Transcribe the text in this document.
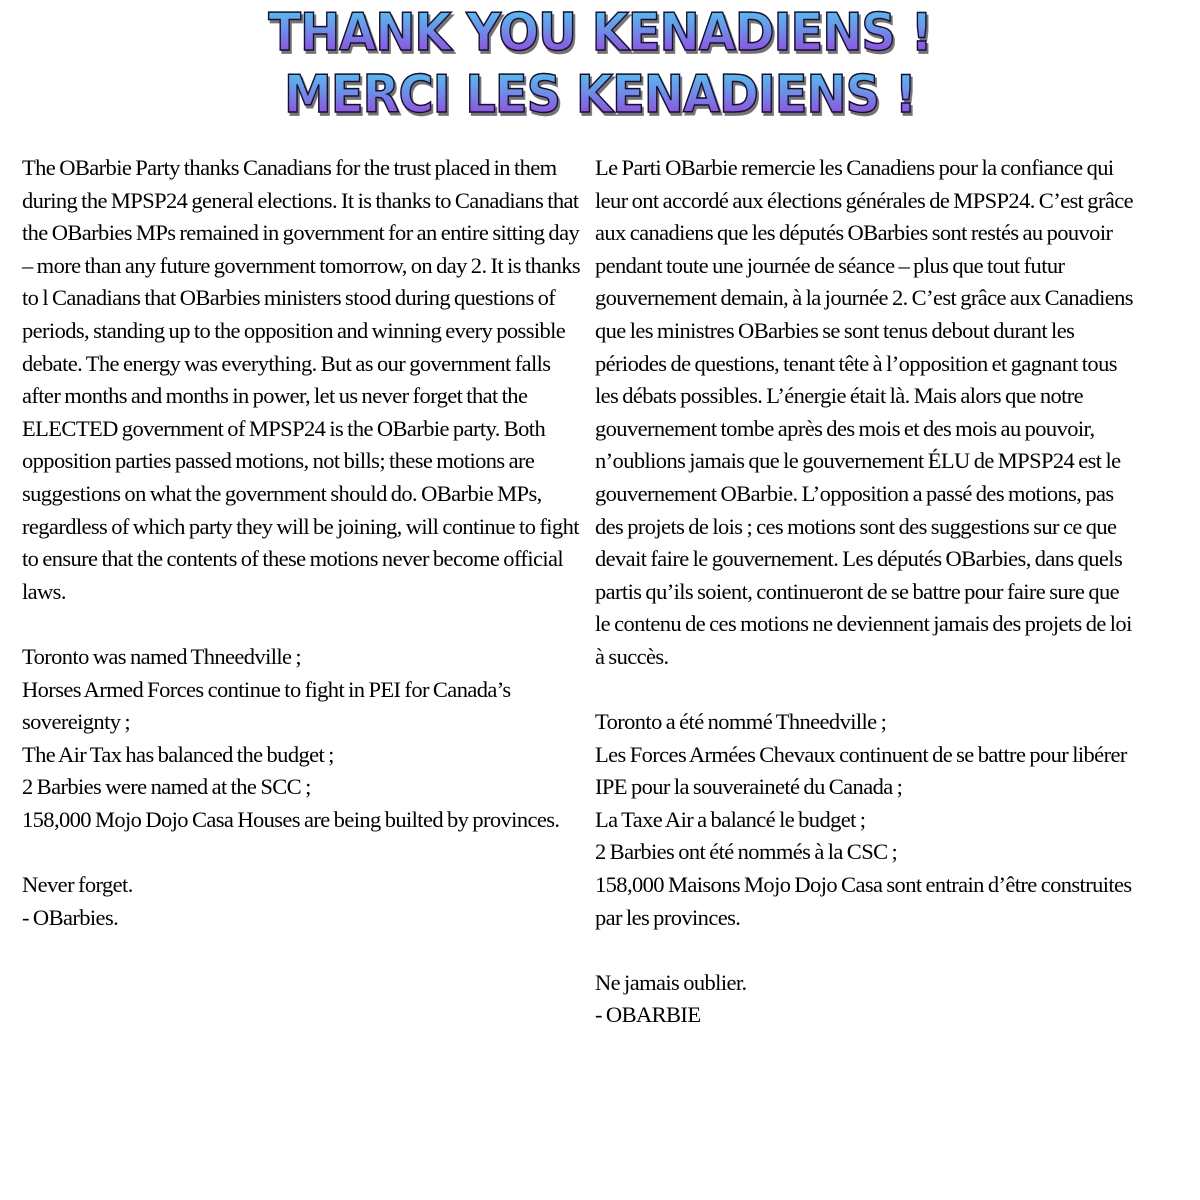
THANK YOU KENADIENS !
MERCI LES KENADIENS !

The OBarbie Party thanks Canadians for the trust placed in them during the MPSP24 general elections. It is thanks to Canadians that the OBarbies MPs remained in government for an entire sitting day – more than any future government tomorrow, on day 2. It is thanks to l Canadians that OBarbies ministers stood during questions of periods, standing up to the opposition and winning every possible debate. The energy was everything. But as our government falls after months and months in power, let us never forget that the ELECTED government of MPSP24 is the OBarbie party. Both opposition parties passed motions, not bills; these motions are suggestions on what the government should do. OBarbie MPs, regardless of which party they will be joining, will continue to fight to ensure that the contents of these motions never become official laws.

Toronto was named Thneedville ;
Horses Armed Forces continue to fight in PEI for Canada’s sovereignty ;
The Air Tax has balanced the budget ;
2 Barbies were named at the SCC ;
158,000 Mojo Dojo Casa Houses are being builted by provinces.
Never forget.
- OBarbies.

Le Parti OBarbie remercie les Canadiens pour la confiance qui leur ont accordé aux élections générales de MPSP24. C’est grâce aux canadiens que les députés OBarbies sont restés au pouvoir pendant toute une journée de séance – plus que tout futur gouvernement demain, à la journée 2. C’est grâce aux Canadiens que les ministres OBarbies se sont tenus debout durant les périodes de questions, tenant tête à l’opposition et gagnant tous les débats possibles. L’énergie était là. Mais alors que notre gouvernement tombe après des mois et des mois au pouvoir, n’oublions jamais que le gouvernement ÉLU de MPSP24 est le gouvernement OBarbie. L’opposition a passé des motions, pas des projets de lois ; ces motions sont des suggestions sur ce que devait faire le gouvernement. Les députés OBarbies, dans quels partis qu’ils soient, continueront de se battre pour faire sure que le contenu de ces motions ne deviennent jamais des projets de loi à succès.

Toronto a été nommé Thneedville ;
Les Forces Armées Chevaux continuent de se battre pour libérer IPE pour la souveraineté du Canada ;
La Taxe Air a balancé le budget ;
2 Barbies ont été nommés à la CSC ;
158,000 Maisons Mojo Dojo Casa sont entrain d’être construites par les provinces.
Ne jamais oublier.
- OBARBIE
